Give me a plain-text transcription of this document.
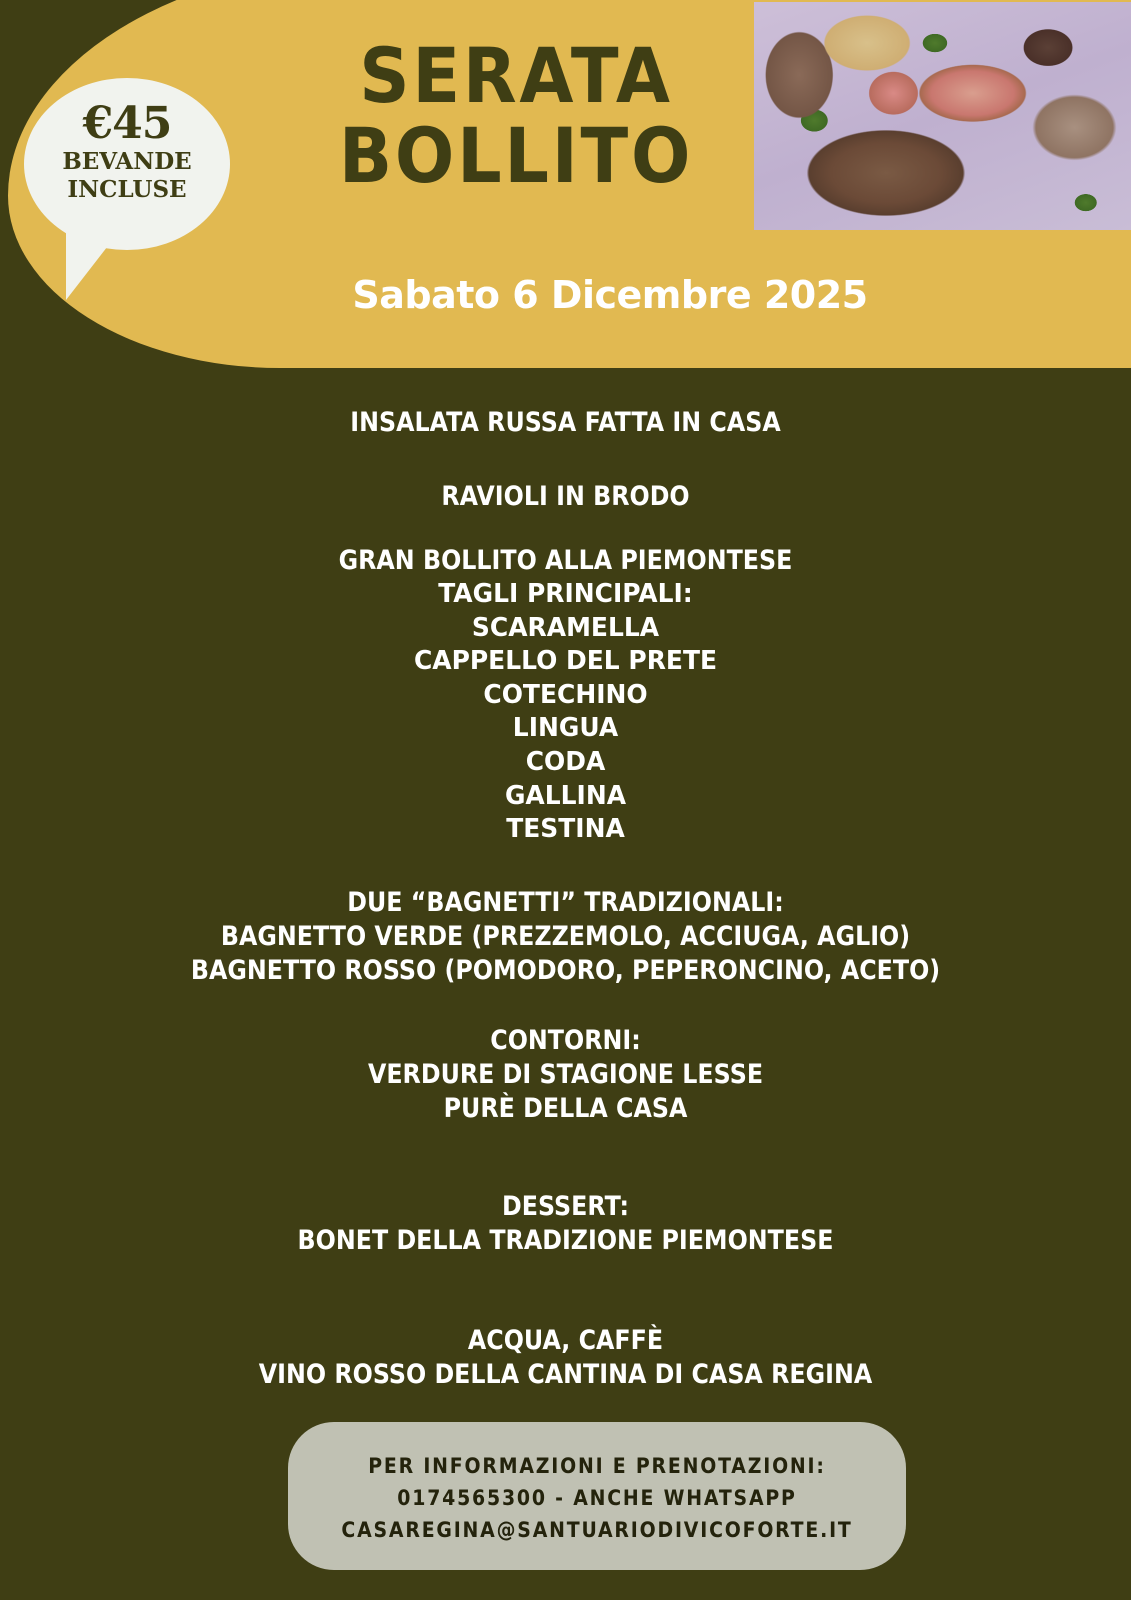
€45
BEVANDE
INCLUSE
SERATA
BOLLITO
Sabato 6 Dicembre 2025
INSALATA RUSSA FATTA IN CASA
RAVIOLI IN BRODO
GRAN BOLLITO ALLA PIEMONTESE
TAGLI PRINCIPALI:
SCARAMELLA
CAPPELLO DEL PRETE
COTECHINO
LINGUA
CODA
GALLINA
TESTINA
DUE “BAGNETTI” TRADIZIONALI:
BAGNETTO VERDE (PREZZEMOLO, ACCIUGA, AGLIO)
BAGNETTO ROSSO (POMODORO, PEPERONCINO, ACETO)
CONTORNI:
VERDURE DI STAGIONE LESSE
PURÈ DELLA CASA
DESSERT:
BONET DELLA TRADIZIONE PIEMONTESE
ACQUA, CAFFÈ
VINO ROSSO DELLA CANTINA DI CASA REGINA
PER INFORMAZIONI E PRENOTAZIONI:
0174565300 - ANCHE WHATSAPP
CASAREGINA@SANTUARIODIVICOFORTE.IT
